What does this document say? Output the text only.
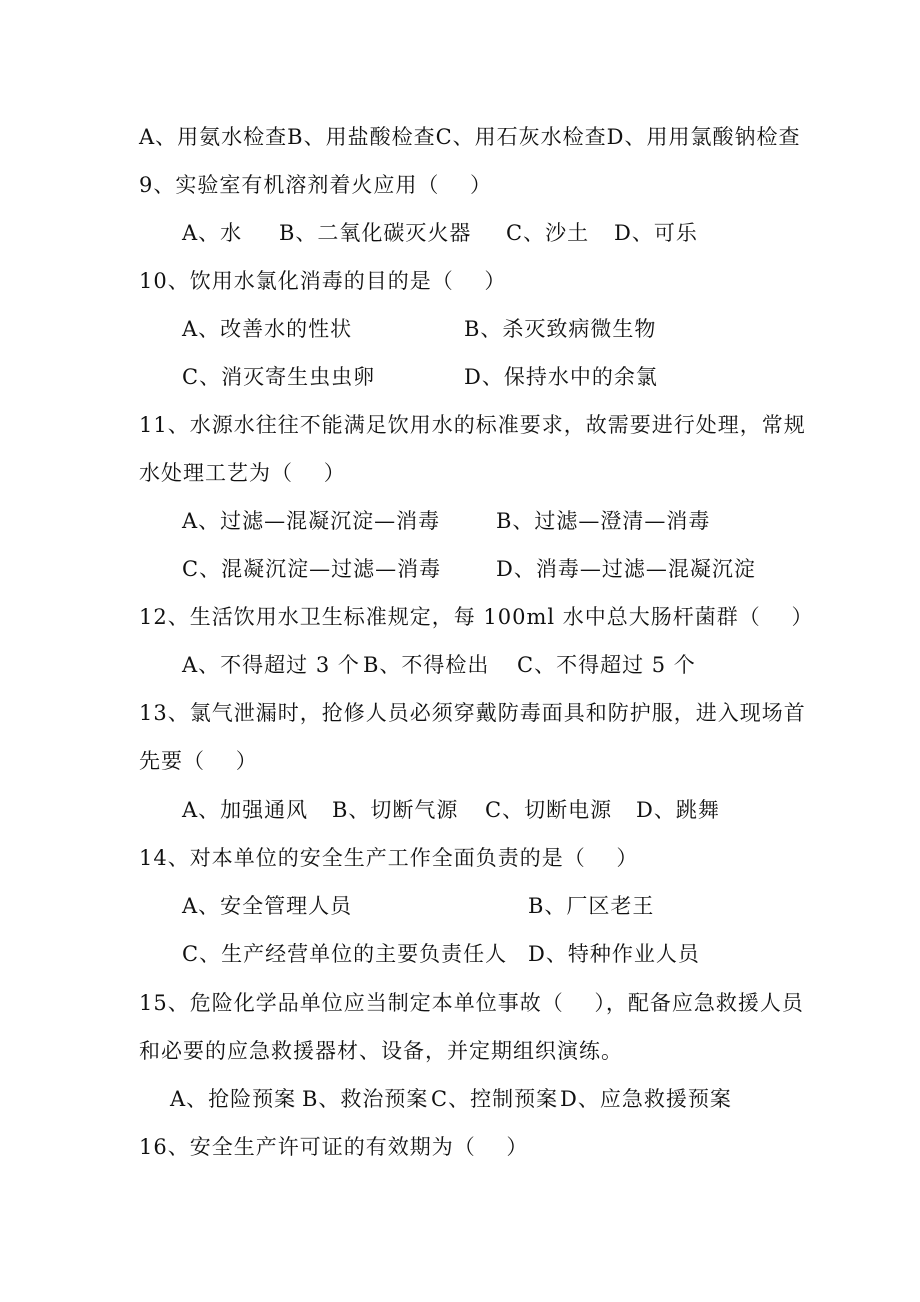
A、用氨水检查B、用盐酸检查C、用石灰水检查D、用用氯酸钠检查
9、实验室有机溶剂着火应用（    ）
A、水 B、二氧化碳灭火器 C、沙土 D、可乐
10、饮用水氯化消毒的目的是（    ）
A、改善水的性状	B、杀灭致病微生物
C、消灭寄生虫虫卵	D、保持水中的余氯
11、水源水往往不能满足饮用水的标准要求，故需要进行处理，常规
水处理工艺为（    ）
A、过滤—混凝沉淀—消毒	B、过滤—澄清—消毒
C、混凝沉淀—过滤—消毒	D、消毒—过滤—混凝沉淀
12、生活饮用水卫生标准规定，每 100ml 水中总大肠杆菌群（    ）
A、不得超过 3 个 B、不得检出 C、不得超过 5 个
13、氯气泄漏时，抢修人员必须穿戴防毒面具和防护服，进入现场首
先要（    ）
A、加强通风 B、切断气源 C、切断电源 D、跳舞
14、对本单位的安全生产工作全面负责的是（    ）
A、安全管理人员	B、厂区老王
C、生产经营单位的主要负责任人 D、特种作业人员
15、危险化学品单位应当制定本单位事故（    ），配备应急救援人员
和必要的应急救援器材、设备，并定期组织演练。
A、抢险预案 B、救治预案 C、控制预案 D、应急救援预案
16、安全生产许可证的有效期为（    ）
